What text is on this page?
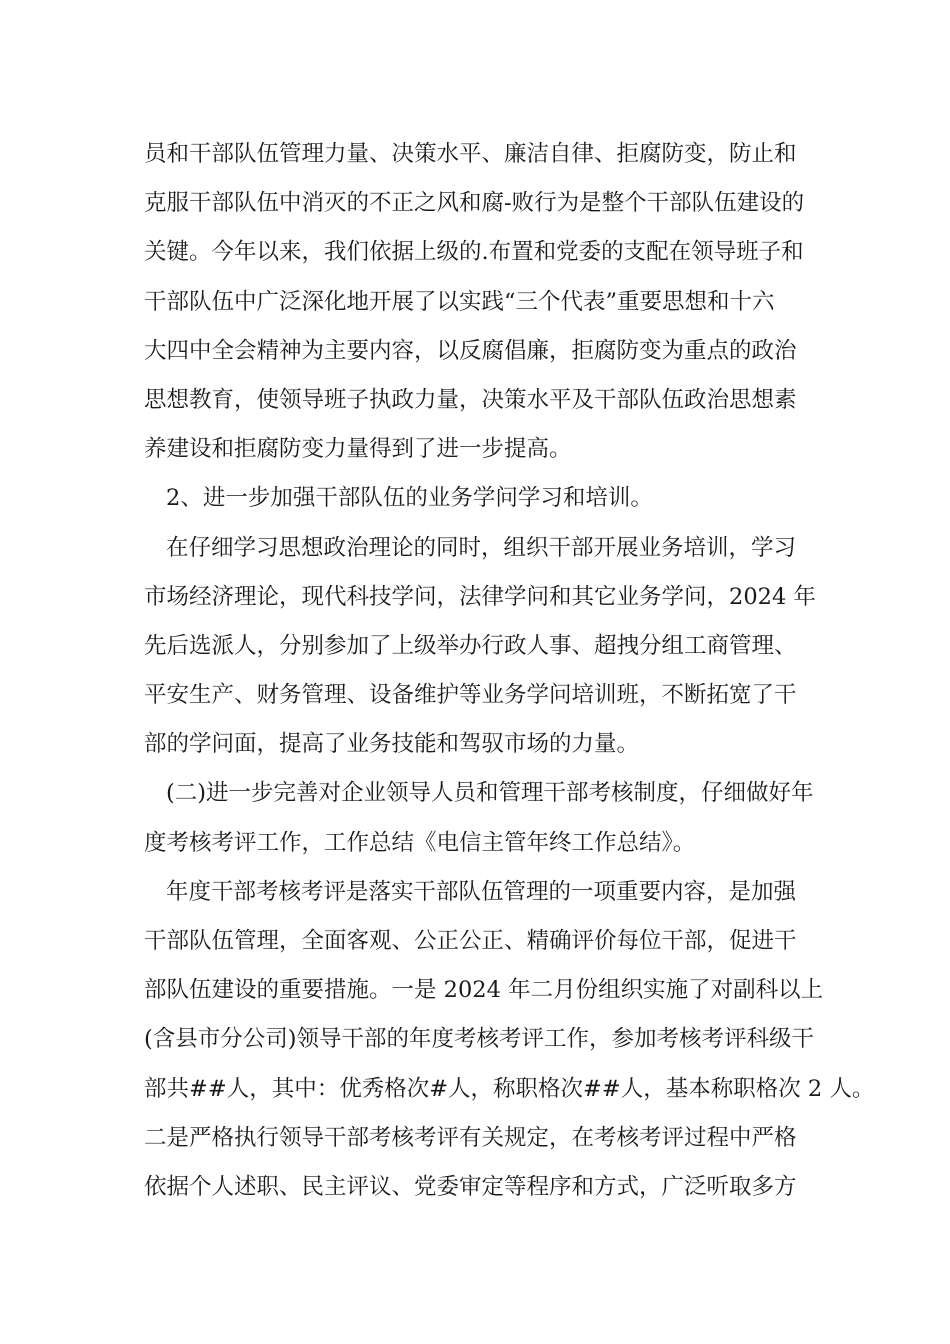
员和干部队伍管理力量、决策水平、廉洁自律、拒腐防变，防止和
克服干部队伍中消灭的不正之风和腐-败行为是整个干部队伍建设的
关键。今年以来，我们依据上级的.布置和党委的支配在领导班子和
干部队伍中广泛深化地开展了以实践“三个代表”重要思想和十六
大四中全会精神为主要内容，以反腐倡廉，拒腐防变为重点的政治
思想教育，使领导班子执政力量，决策水平及干部队伍政治思想素
养建设和拒腐防变力量得到了进一步提高。
2、进一步加强干部队伍的业务学问学习和培训。
在仔细学习思想政治理论的同时，组织干部开展业务培训，学习
市场经济理论，现代科技学问，法律学问和其它业务学问，2024 年
先后选派人，分别参加了上级举办行政人事、超拽分组工商管理、
平安生产、财务管理、设备维护等业务学问培训班，不断拓宽了干
部的学问面，提高了业务技能和驾驭市场的力量。
(二)进一步完善对企业领导人员和管理干部考核制度，仔细做好年
度考核考评工作，工作总结《电信主管年终工作总结》。
年度干部考核考评是落实干部队伍管理的一项重要内容，是加强
干部队伍管理，全面客观、公正公正、精确评价每位干部，促进干
部队伍建设的重要措施。一是 2024 年二月份组织实施了对副科以上
(含县市分公司)领导干部的年度考核考评工作，参加考核考评科级干
部共##人，其中：优秀格次#人，称职格次##人，基本称职格次 2 人。
二是严格执行领导干部考核考评有关规定，在考核考评过程中严格
依据个人述职、民主评议、党委审定等程序和方式，广泛听取多方
